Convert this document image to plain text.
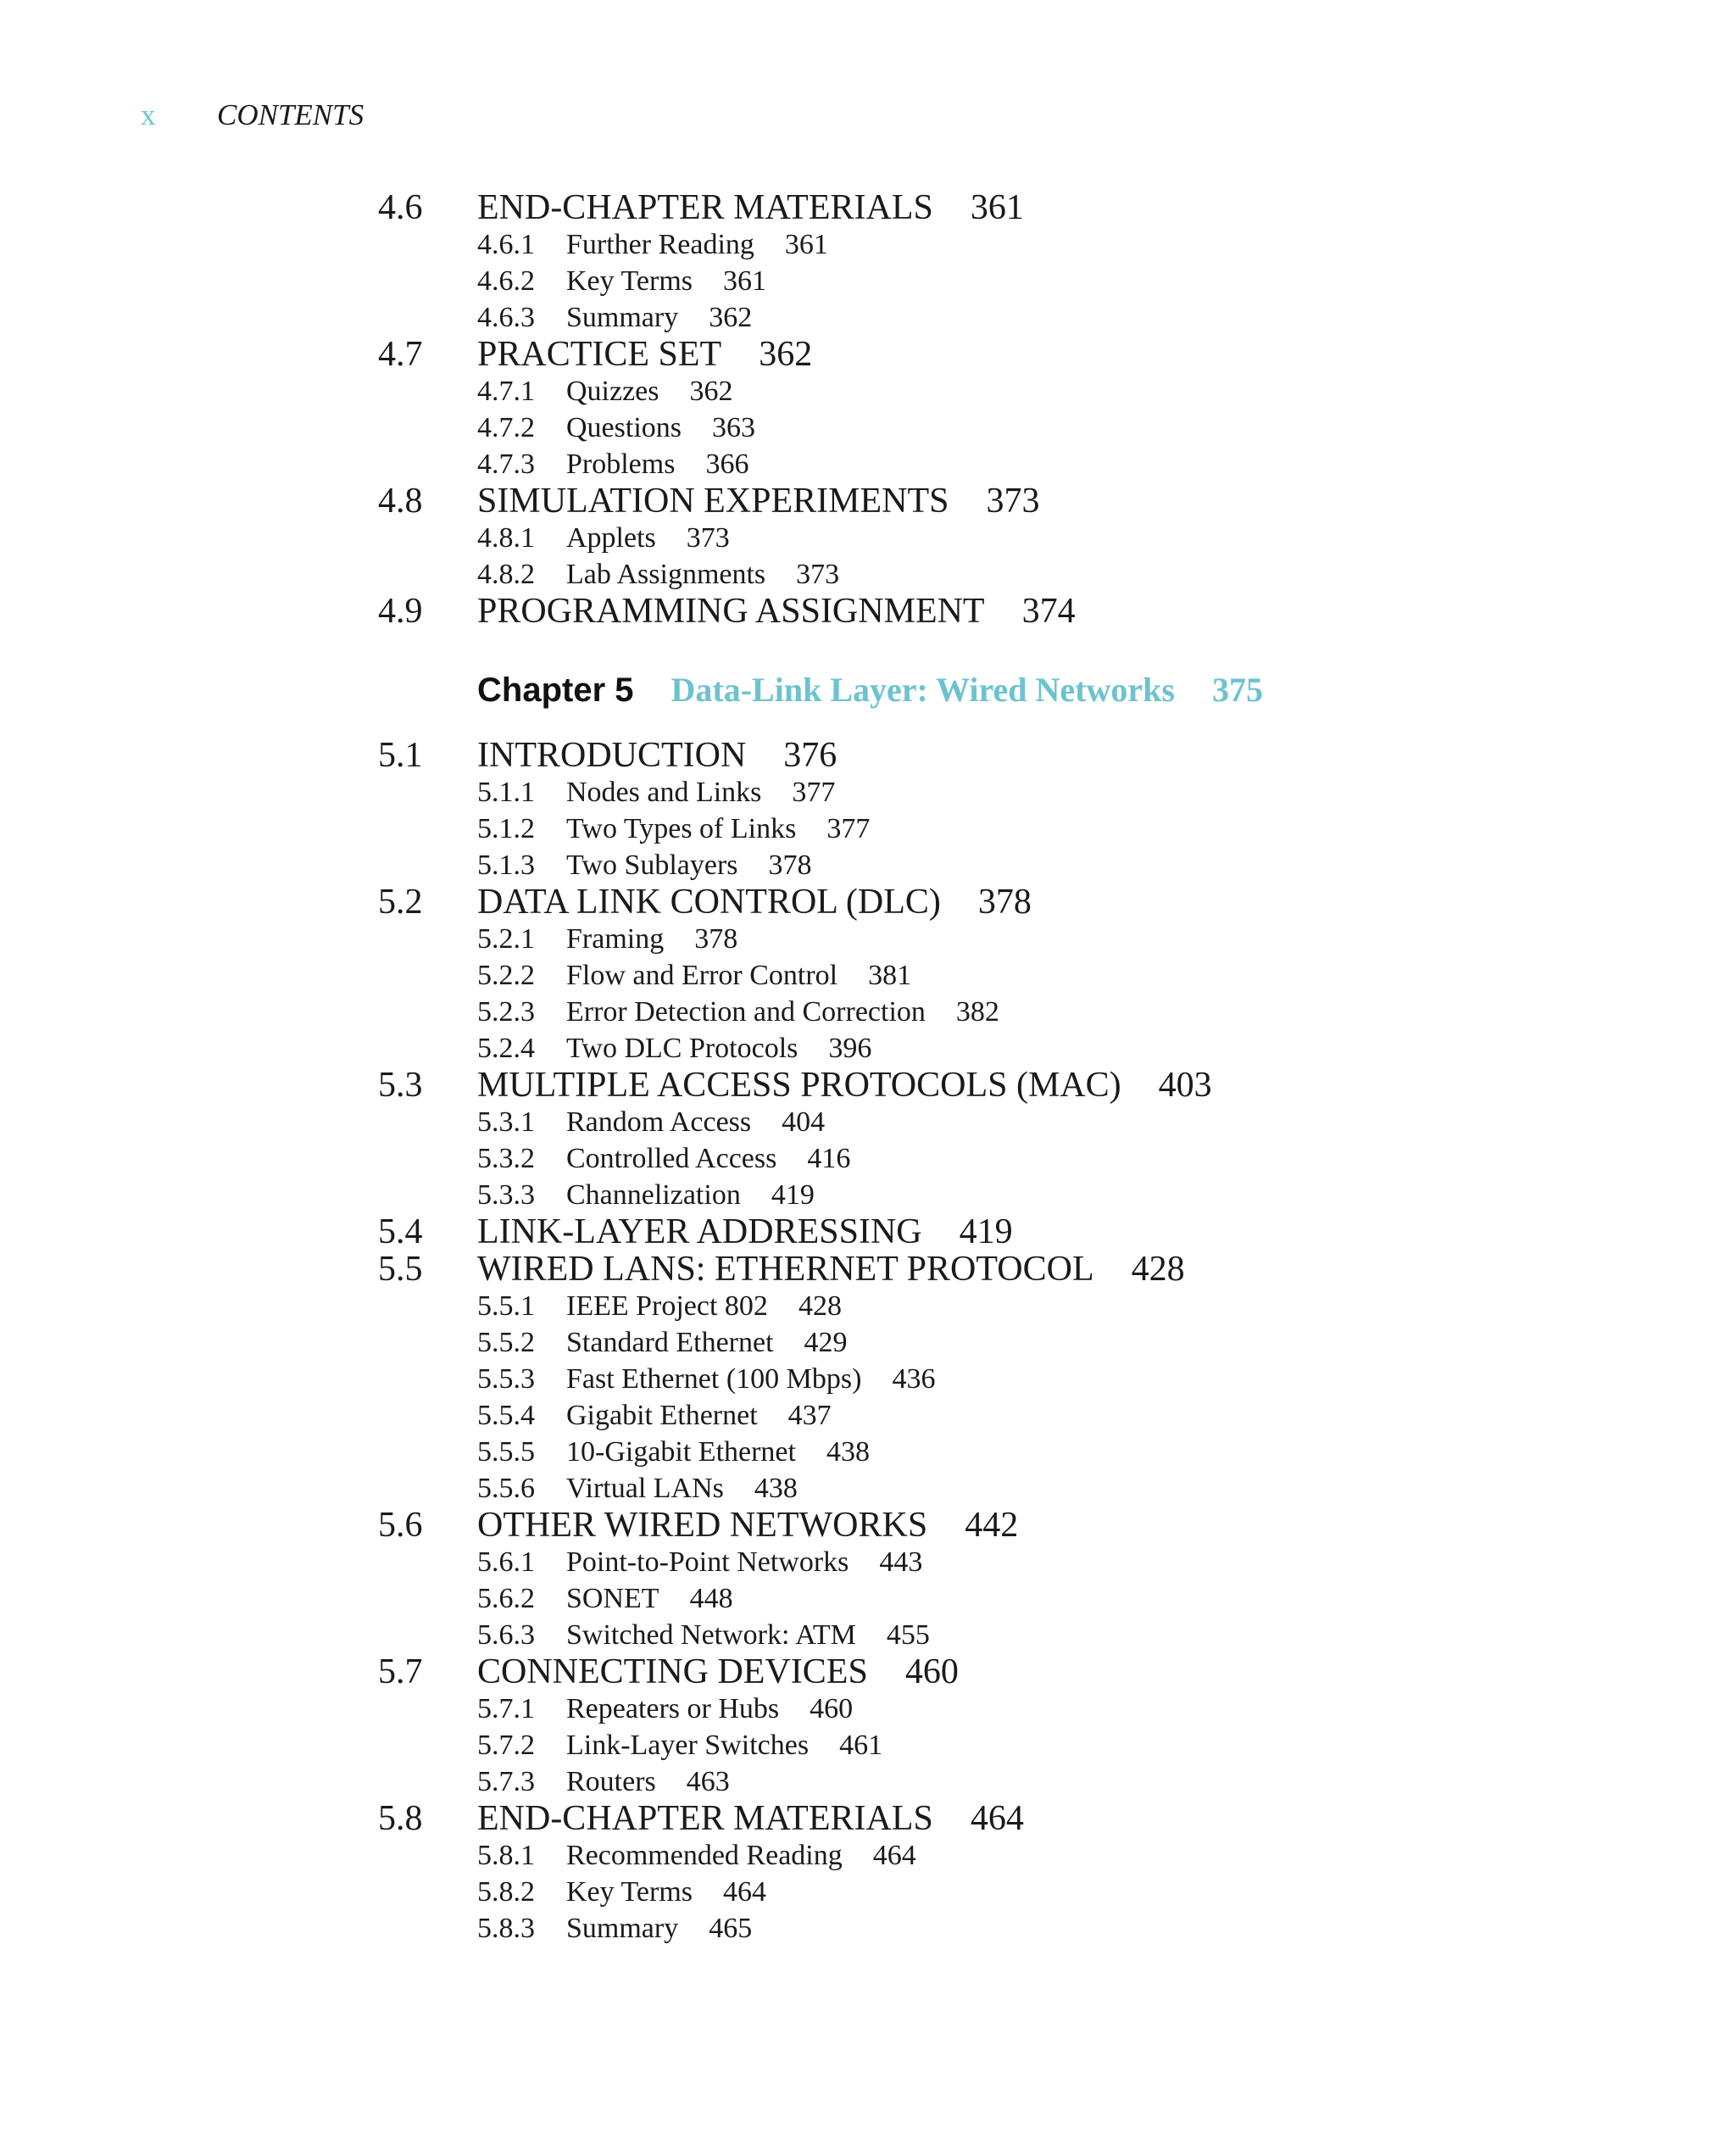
x CONTENTS
4.6	END-CHAPTER MATERIALS 361
4.6.1	Further Reading 361
4.6.2	Key Terms 361
4.6.3	Summary 362
4.7	PRACTICE SET 362
4.7.1	Quizzes 362
4.7.2	Questions 363
4.7.3	Problems 366
4.8	SIMULATION EXPERIMENTS 373
4.8.1	Applets 373
4.8.2	Lab Assignments 373
4.9	PROGRAMMING ASSIGNMENT 374
Chapter 5 Data-Link Layer: Wired Networks 375
5.1	INTRODUCTION 376
5.1.1	Nodes and Links 377
5.1.2	Two Types of Links 377
5.1.3	Two Sublayers 378
5.2	DATA LINK CONTROL (DLC) 378
5.2.1	Framing 378
5.2.2	Flow and Error Control 381
5.2.3	Error Detection and Correction 382
5.2.4	Two DLC Protocols 396
5.3	MULTIPLE ACCESS PROTOCOLS (MAC) 403
5.3.1	Random Access 404
5.3.2	Controlled Access 416
5.3.3	Channelization 419
5.4	LINK-LAYER ADDRESSING 419
5.5	WIRED LANS: ETHERNET PROTOCOL 428
5.5.1	IEEE Project 802 428
5.5.2	Standard Ethernet 429
5.5.3	Fast Ethernet (100 Mbps) 436
5.5.4	Gigabit Ethernet 437
5.5.5	10-Gigabit Ethernet 438
5.5.6	Virtual LANs 438
5.6	OTHER WIRED NETWORKS 442
5.6.1	Point-to-Point Networks 443
5.6.2	SONET 448
5.6.3	Switched Network: ATM 455
5.7	CONNECTING DEVICES 460
5.7.1	Repeaters or Hubs 460
5.7.2	Link-Layer Switches 461
5.7.3	Routers 463
5.8	END-CHAPTER MATERIALS 464
5.8.1	Recommended Reading 464
5.8.2	Key Terms 464
5.8.3	Summary 465
